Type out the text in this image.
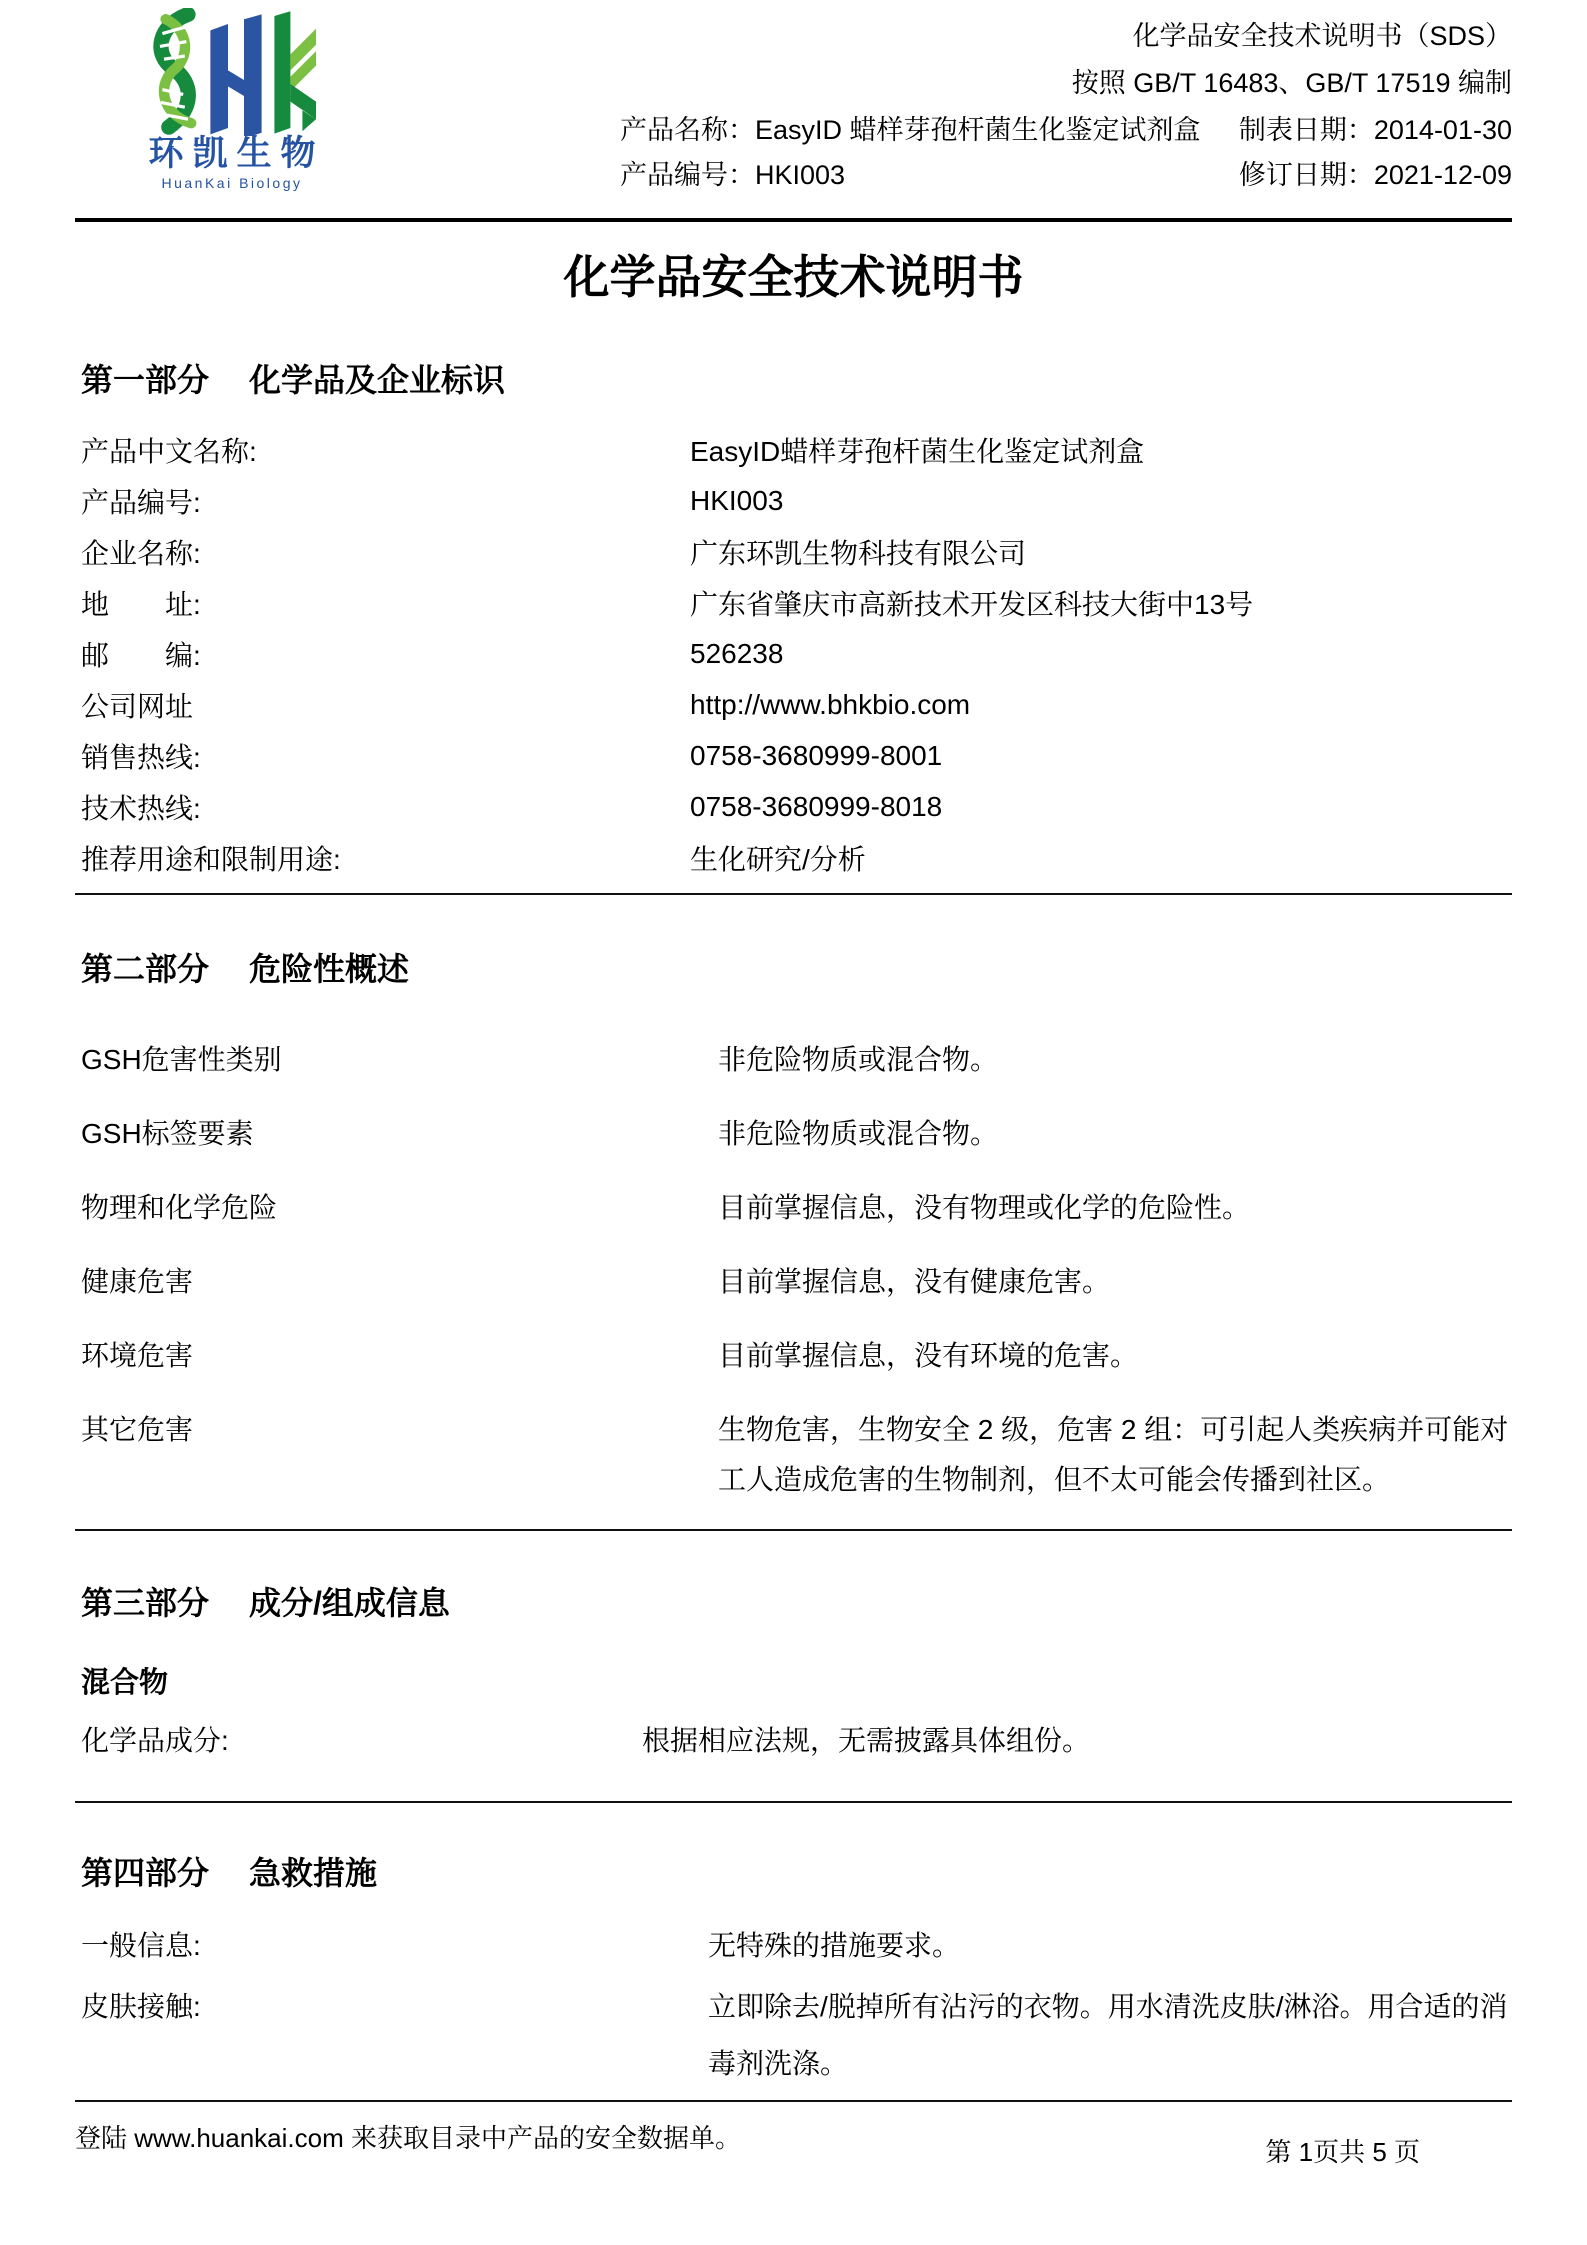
环凯生物
HuanKai Biology
化学品安全技术说明书（SDS）
按照 GB/T 16483、GB/T 17519 编制
产品名称：EasyID 蜡样芽孢杆菌生化鉴定试剂盒 制表日期：2014-01-30
产品编号：HKI003	修订日期：2021-12-09
化学品安全技术说明书
第一部分 化学品及企业标识
产品中文名称:	EasyID蜡样芽孢杆菌生化鉴定试剂盒
产品编号:	HKI003
企业名称:	广东环凯生物科技有限公司
地　　址:	广东省肇庆市高新技术开发区科技大街中13号
邮　　编:	526238
公司网址	http://www.bhkbio.com
销售热线:	0758-3680999-8001
技术热线:	0758-3680999-8018
推荐用途和限制用途:	生化研究/分析
第二部分 危险性概述
GSH危害性类别	非危险物质或混合物。
GSH标签要素	非危险物质或混合物。
物理和化学危险	目前掌握信息，没有物理或化学的危险性。
健康危害	目前掌握信息，没有健康危害。
环境危害	目前掌握信息，没有环境的危害。
其它危害	生物危害，生物安全 2 级，危害 2 组：可引起人类疾病并可能对工人造成危害的生物制剂，但不太可能会传播到社区。
第三部分 成分/组成信息
混合物
化学品成分:	根据相应法规，无需披露具体组份。
第四部分 急救措施
一般信息:	无特殊的措施要求。
皮肤接触:	立即除去/脱掉所有沾污的衣物。用水清洗皮肤/淋浴。用合适的消毒剂洗涤。
登陆 www.huankai.com 来获取目录中产品的安全数据单。	第 1页共 5 页
